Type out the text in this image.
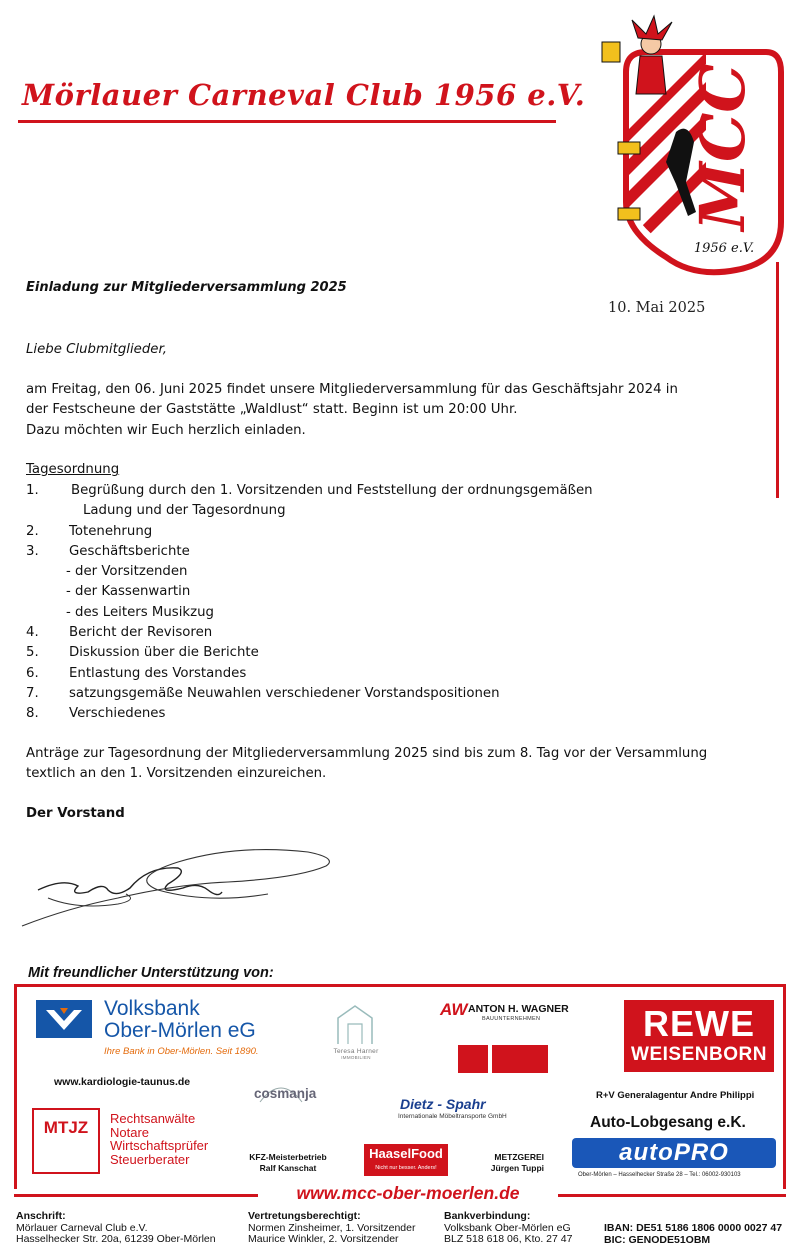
Mörlauer Carneval Club 1956 e.V. MCC
1956 e.V.
Einladung zur Mitgliederversammlung 2025
10. Mai 2025
Liebe Clubmitglieder,
am Freitag, den 06. Juni 2025 findet unsere Mitgliederversammlung für das Geschäftsjahr 2024 in
der Festscheune der Gaststätte „Waldlust“ statt. Beginn ist um 20:00 Uhr.
Dazu möchten wir Euch herzlich einladen.
Tagesordnung
1.	Begrüßung durch den 1. Vorsitzenden und Feststellung der ordnungsgemäßen
Ladung und der Tagesordnung
2.	Totenehrung
3.	Geschäftsberichte
- der Vorsitzenden
- der Kassenwartin
- des Leiters Musikzug
4.	Bericht der Revisoren
5.	Diskussion über die Berichte
6.	Entlastung des Vorstandes
7.	satzungsgemäße Neuwahlen verschiedener Vorstandspositionen
8.	Verschiedenes
Anträge zur Tagesordnung der Mitgliederversammlung 2025 sind bis zum 8. Tag vor der Versammlung
textlich an den 1. Vorsitzenden einzureichen.
Der Vorstand
Mit freundlicher Unterstützung von:
Volksbank
Ober-Mörlen eG
Ihre Bank in Ober-Mörlen. Seit 1890.	Teresa Harner
IMMOBILIEN
AW ANTON H. WAGNER
BAUUNTERNEHMEN	REWE
WEISENBORN
www.kardiologie-taunus.de
cosmanja
Dietz - Spahr
Internationale Möbeltransporte GmbH
R+V Generalagentur Andre Philippi
Auto-Lobgesang e.K.
autoPRO
Ober-Mörlen – Hasselhecker Straße 28 – Tel.: 06002-930103
MTJZ	Rechtsanwälte
Notare
Wirtschaftsprüfer
Steuerberater	KFZ-Meisterbetrieb
Ralf Kanschat
HaaselFood
Nicht nur besser. Anders!
METZGEREI
Jürgen Tuppi
www.mcc-ober-moerlen.de
Anschrift:
Mörlauer Carneval Club e.V.
Hasselhecker Str. 20a, 61239 Ober-Mörlen
Vertretungsberechtigt:
Normen Zinsheimer, 1. Vorsitzender
Maurice Winkler, 2. Vorsitzender
Bankverbindung:
Volksbank Ober-Mörlen eG
BLZ 518 618 06, Kto. 27 47
IBAN: DE51 5186 1806 0000 0027 47
BIC: GENODE51OBM
